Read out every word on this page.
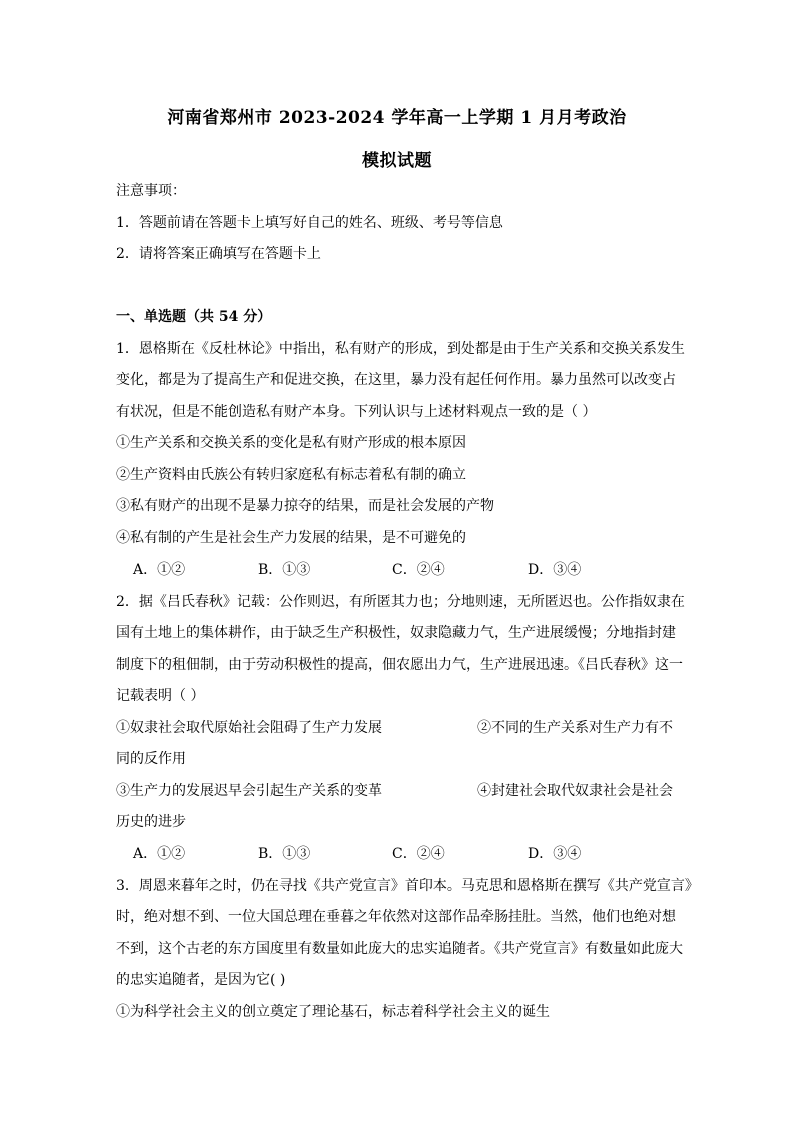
河南省郑州市 2023-2024 学年高一上学期 1 月月考政治
模拟试题
注意事项：
1．答题前请在答题卡上填写好自己的姓名、班级、考号等信息
2．请将答案正确填写在答题卡上
一、单选题（共 54 分）
1．恩格斯在《反杜林论》中指出，私有财产的形成，到处都是由于生产关系和交换关系发生
变化，都是为了提高生产和促进交换，在这里，暴力没有起任何作用。暴力虽然可以改变占
有状况，但是不能创造私有财产本身。下列认识与上述材料观点一致的是（ ）
①生产关系和交换关系的变化是私有财产形成的根本原因
②生产资料由氏族公有转归家庭私有标志着私有制的确立
③私有财产的出现不是暴力掠夺的结果，而是社会发展的产物
④私有制的产生是社会生产力发展的结果，是不可避免的
A．①②	B．①③	C．②④	D．③④
2．据《吕氏春秋》记载：公作则迟，有所匿其力也；分地则速，无所匿迟也。公作指奴隶在
国有土地上的集体耕作，由于缺乏生产积极性，奴隶隐藏力气，生产进展缓慢；分地指封建
制度下的租佃制，由于劳动积极性的提高，佃农愿出力气，生产进展迅速。《吕氏春秋》这一
记载表明（ ）
①奴隶社会取代原始社会阻碍了生产力发展	②不同的生产关系对生产力有不
同的反作用
③生产力的发展迟早会引起生产关系的变革	④封建社会取代奴隶社会是社会
历史的进步
A．①②	B．①③	C．②④	D．③④
3．周恩来暮年之时，仍在寻找《共产党宣言》首印本。马克思和恩格斯在撰写《共产党宣言》
时，绝对想不到、一位大国总理在垂暮之年依然对这部作品牵肠挂肚。当然，他们也绝对想
不到，这个古老的东方国度里有数量如此庞大的忠实追随者。《共产党宣言》有数量如此庞大
的忠实追随者，是因为它( )
①为科学社会主义的创立奠定了理论基石，标志着科学社会主义的诞生
